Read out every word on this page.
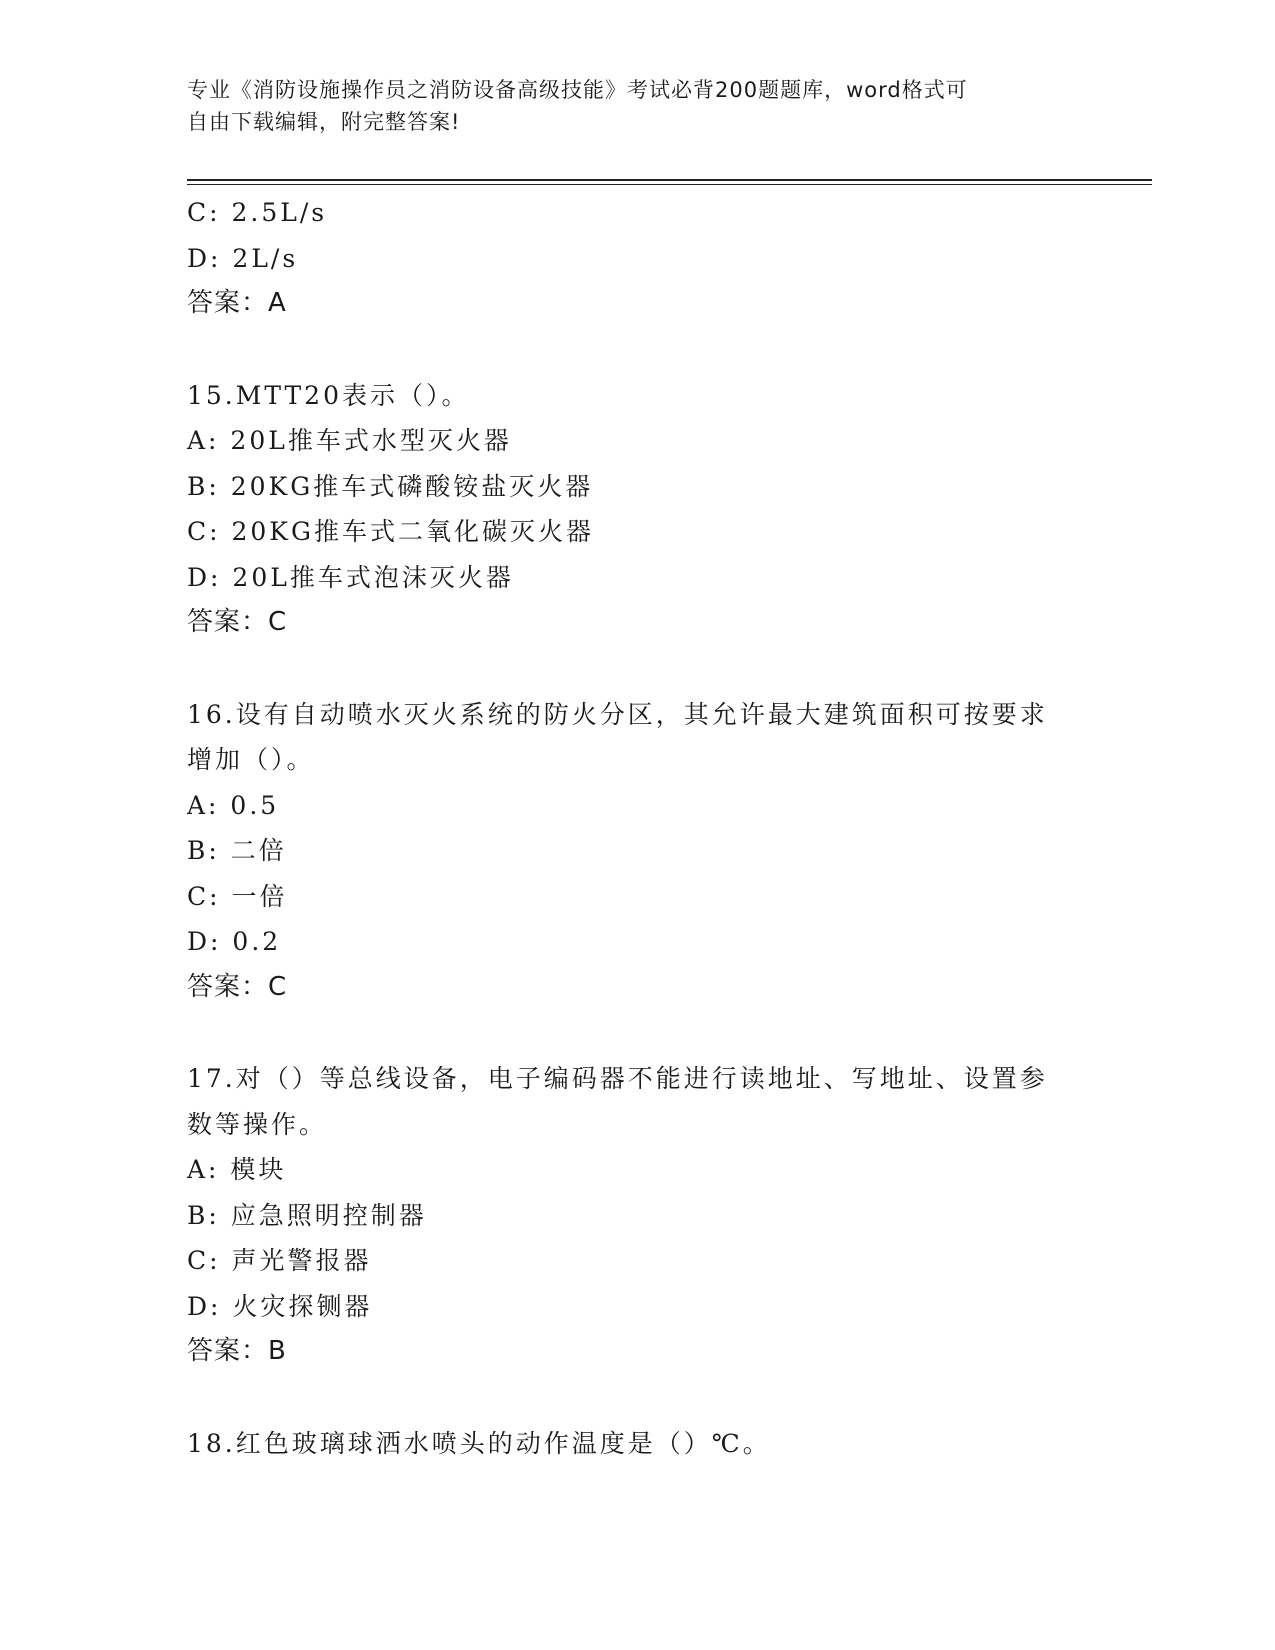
专业《消防设施操作员之消防设备高级技能》考试必背200题题库，word格式可
自由下载编辑，附完整答案!
C: 2.5L/s
D: 2L/s
答案：A
15.MTT20表示（）。
A: 20L推车式水型灭火器
B: 20KG推车式磷酸铵盐灭火器
C: 20KG推车式二氧化碳灭火器
D: 20L推车式泡沫灭火器
答案：C
16.设有自动喷水灭火系统的防火分区，其允许最大建筑面积可按要求
增加（）。
A: 0.5
B: 二倍
C: 一倍
D: 0.2
答案：C
17.对（）等总线设备，电子编码器不能进行读地址、写地址、设置参
数等操作。
A: 模块
B: 应急照明控制器
C: 声光警报器
D: 火灾探铡器
答案：B
18.红色玻璃球洒水喷头的动作温度是（）℃。
